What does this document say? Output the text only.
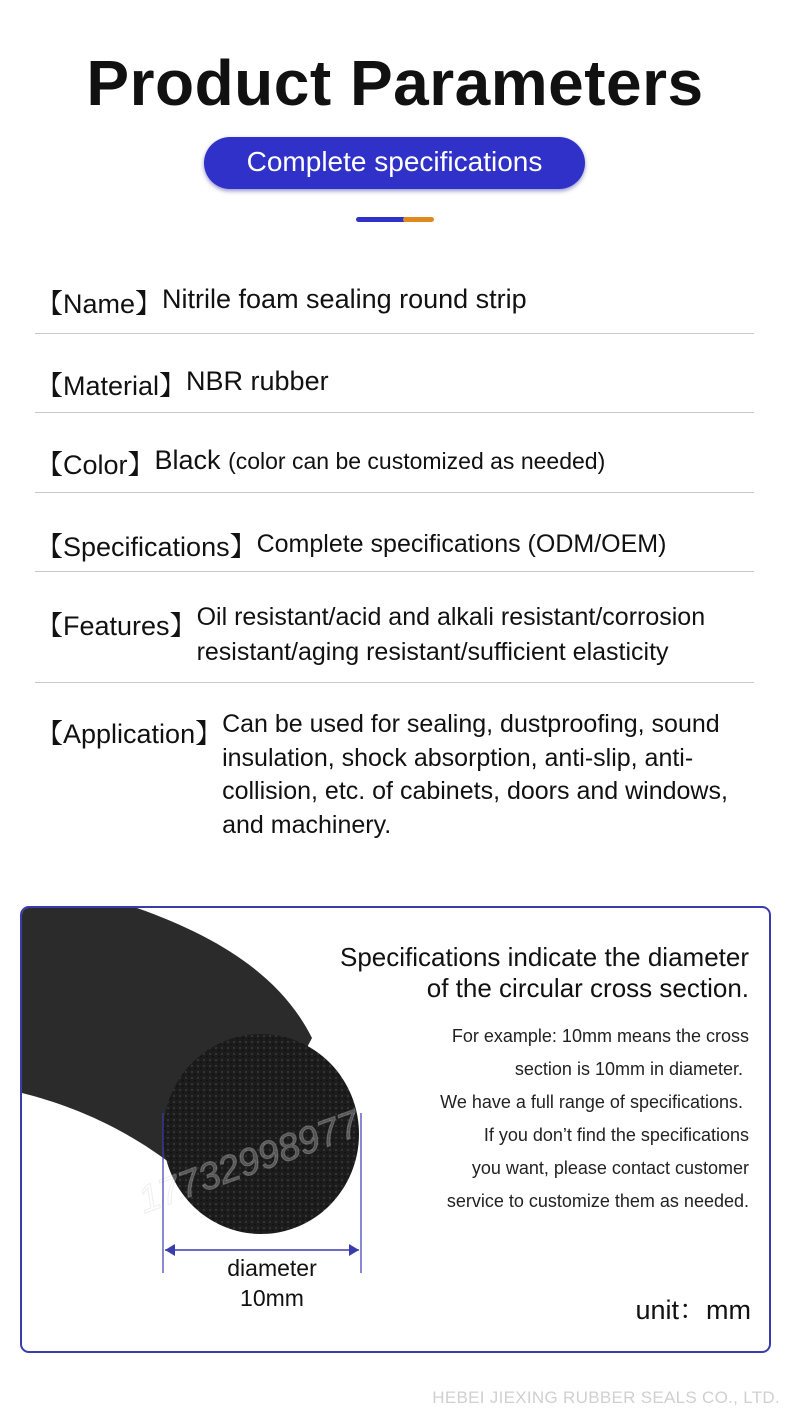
Product Parameters
Complete specifications
【Name】 Nitrile foam sealing round strip
【Material】 NBR rubber
【Color】 Black (color can be customized as needed)
【Specifications】 Complete specifications (ODM/OEM)
【Features】 Oil resistant/acid and alkali resistant/corrosion resistant/aging resistant/sufficient elasticity
【Application】 Can be used for sealing, dustproofing, sound insulation, shock absorption, anti-slip, anti-collision, etc. of cabinets, doors and windows, and machinery.
17732998977
Specifications indicate the diameter
of the circular cross section.
For example: 10mm means the cross
section is 10mm in diameter.
We have a full range of specifications.
If you don’t find the specifications
you want, please contact customer
service to customize them as needed.
diameter
10mm	unit：mm
HEBEI JIEXING RUBBER SEALS CO., LTD.
